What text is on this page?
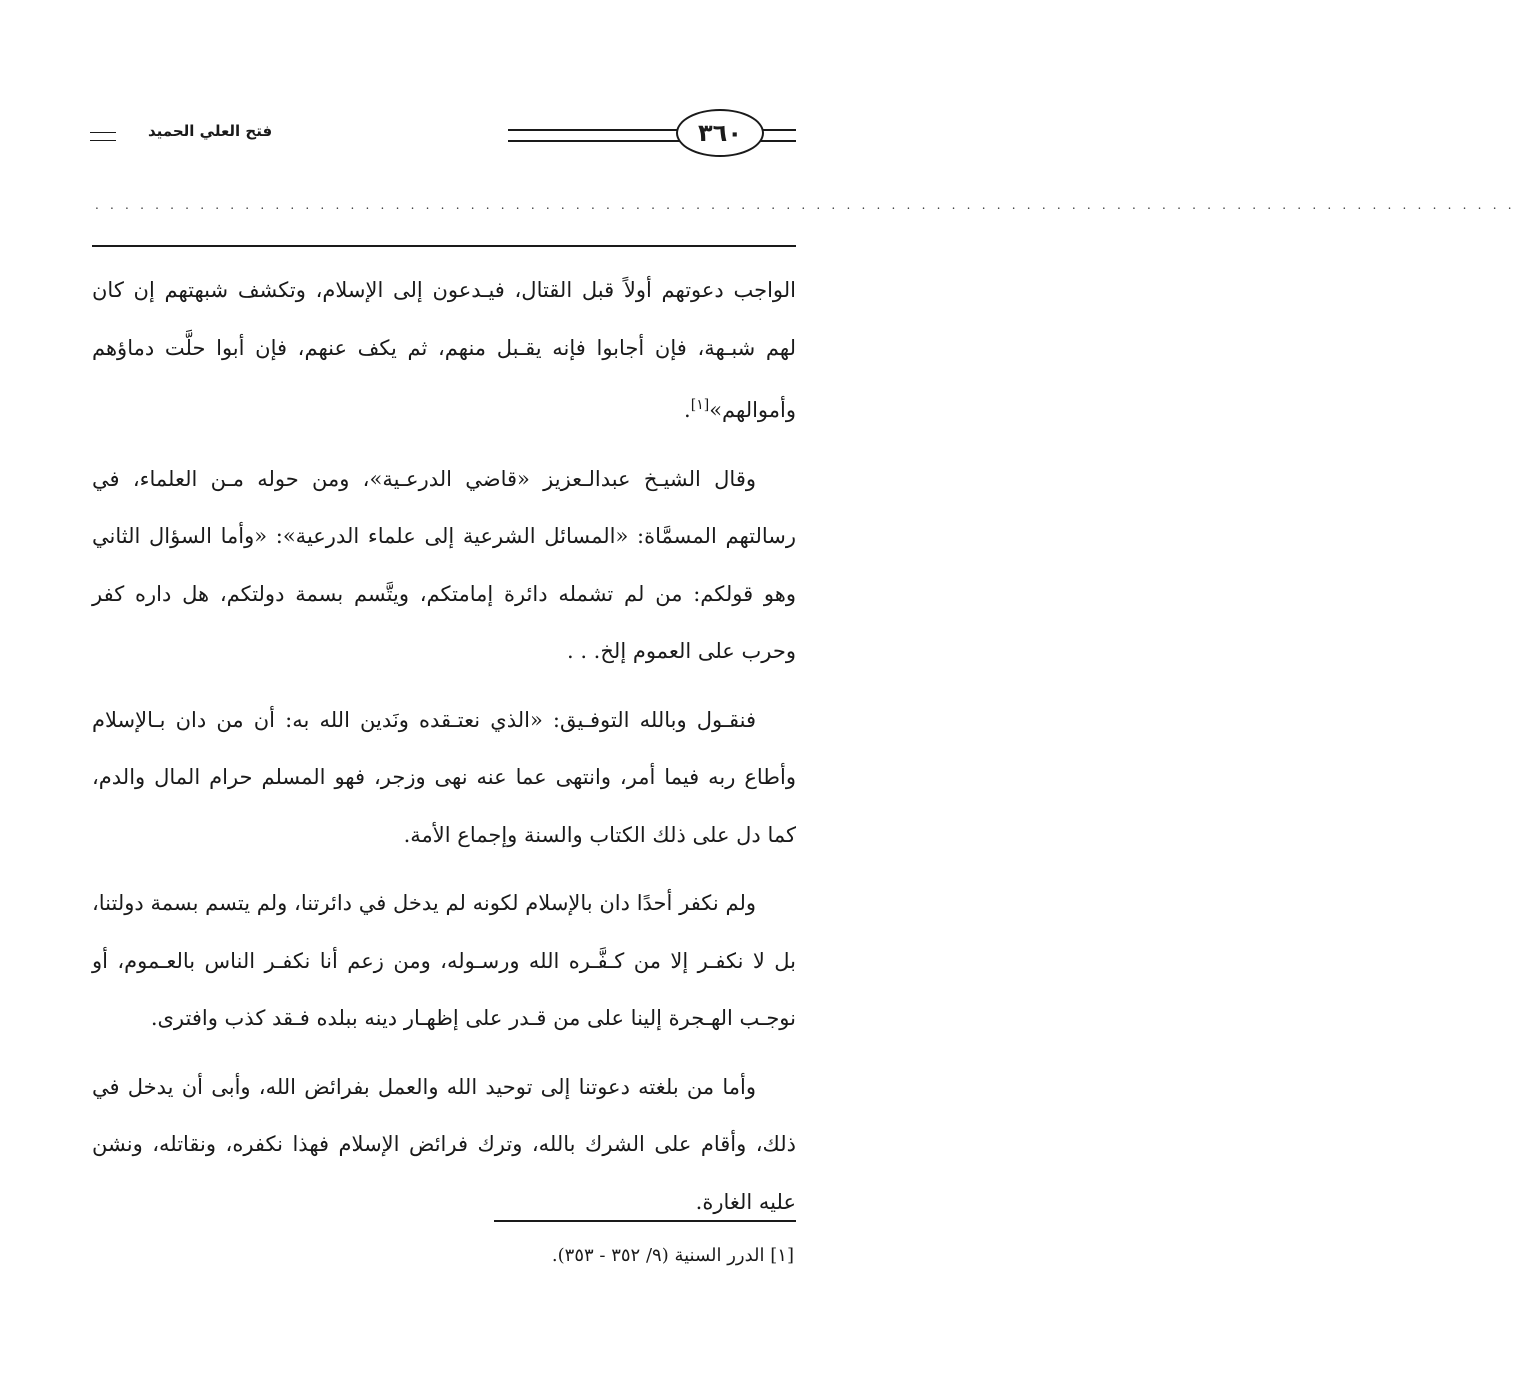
فتح العلي الحميد	٣٦٠
. . . . . . . . . . . . . . . . . . . . . . . . . . . . . . . . . . . . . . . . . . . . . . . . . . . . . . . . . . . . . . . . . . . . . . . . . . . . . . . . . . . . . . . . . . . . . . .

الواجب دعوتهم أولاً قبل القتال، فيـدعون إلى الإسلام، وتكشف شبهتهم إن كان لهم شبـهة، فإن أجابوا فإنه يقـبل منهم، ثم يكف عنهم، فإن أبوا حلَّت دماؤهم وأموالهم»[١].

وقال الشيـخ عبدالـعزيز «قاضي الدرعـية»، ومن حوله مـن العلماء، في رسالتهم المسمَّاة: «المسائل الشرعية إلى علماء الدرعية»: «وأما السؤال الثاني وهو قولكم: من لم تشمله دائرة إمامتكم، ويتَّسم بسمة دولتكم، هل داره كفر وحرب على العموم إلخ. . .

فنقـول وبالله التوفـيق: «الذي نعتـقده ونَدين الله به: أن من دان بـالإسلام وأطاع ربه فيما أمر، وانتهى عما عنه نهى وزجر، فهو المسلم حرام المال والدم، كما دل على ذلك الكتاب والسنة وإجماع الأمة.

ولم نكفر أحدًا دان بالإسلام لكونه لم يدخل في دائرتنا، ولم يتسم بسمة دولتنا، بل لا نكفـر إلا من كـفَّـره الله ورسـوله، ومن زعم أنا نكفـر الناس بالعـموم، أو نوجـب الهـجرة إلينا على من قـدر على إظهـار دينه ببلده فـقد كذب وافترى.

وأما من بلغته دعوتنا إلى توحيد الله والعمل بفرائض الله، وأبى أن يدخل في ذلك، وأقام على الشرك بالله، وترك فرائض الإسلام فهذا نكفره، ونقاتله، ونشن عليه الغارة.

[١] الدرر السنية (٩/ ٣٥٢ - ٣٥٣).
